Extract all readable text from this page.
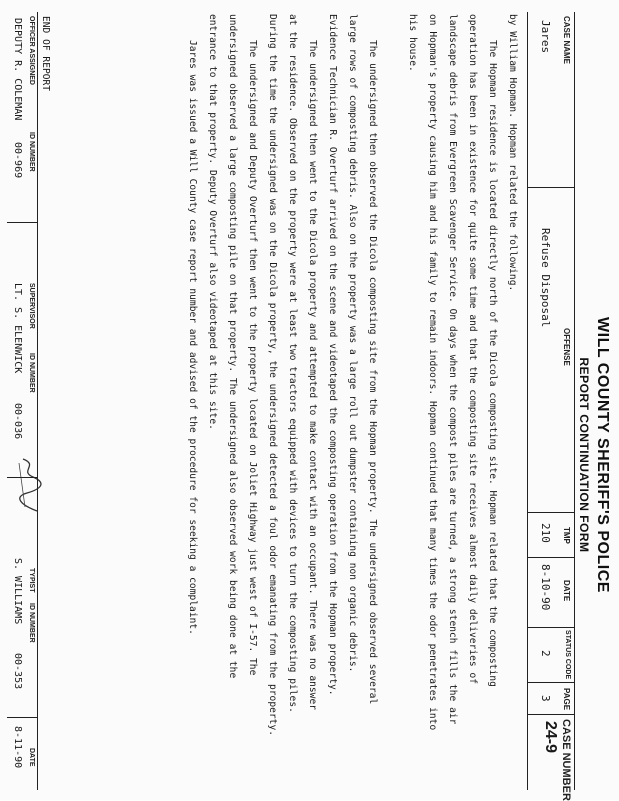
WILL COUNTY SHERIFF'S POLICE
REPORT CONTINUATION FORM
CASE NAME
Jares
OFFENSE
Refuse Disposal
TMP
210
DATE
8-10-90
STATUS CODE
2
PAGE
3
CASE NUMBER
24-9

by William Hopman. Hopman related the following.

The Hopman residence is located directly north of the Dicola composting site. Hopman related that the composting

operation has been in existence for quite some time and that the composting site receives almost daily deliveries of

landscape debris from Evergreen Scavenger Service. On days when the compost piles are turned, a strong stench fills the air

on Hopman's property causing him and his family to remain indoors. Hopman continued that many times the odor penetrates into

his house.

The undersigned then observed the Dicola composting site from the Hopman property. The undersigned observed several

large rows of composting debris. Also on the property was a large roll out dumpster containing non organic debris.

Evidence Technician R. Overturf arrived on the scene and videotaped the composting operation from the Hopman property.

The undersigned then went to the Dicola property and attempted to make contact with an occupant. There was no answer

at the residence. Observed on the property were at least two tractors equipped with devices to turn the composting piles.

During the time the undersigned was on the Dicola property, the undersigned detected a foul odor emanating from the property.

The undersigned and Deputy Overturf then went to the property located on Joliet Highway just west of I-57. The

undersigned observed a large composting pile on that property. The undersigned also observed work being done at the

entrance to that property. Deputy Overturf also videotaped at this site.

Jares was issued a Will County case report number and advised of the procedure for seeking a complaint.

END OF REPORT
OFFICER ASSIGNED
ID NUMBER
DEPUTY R. COLEMAN
00-969
SUPERVISOR
ID NUMBER
LT. S. ELENWICK
00-036
TYPIST
ID NUMBER
S. WILLIAMS
00-353
DATE
8-11-90
